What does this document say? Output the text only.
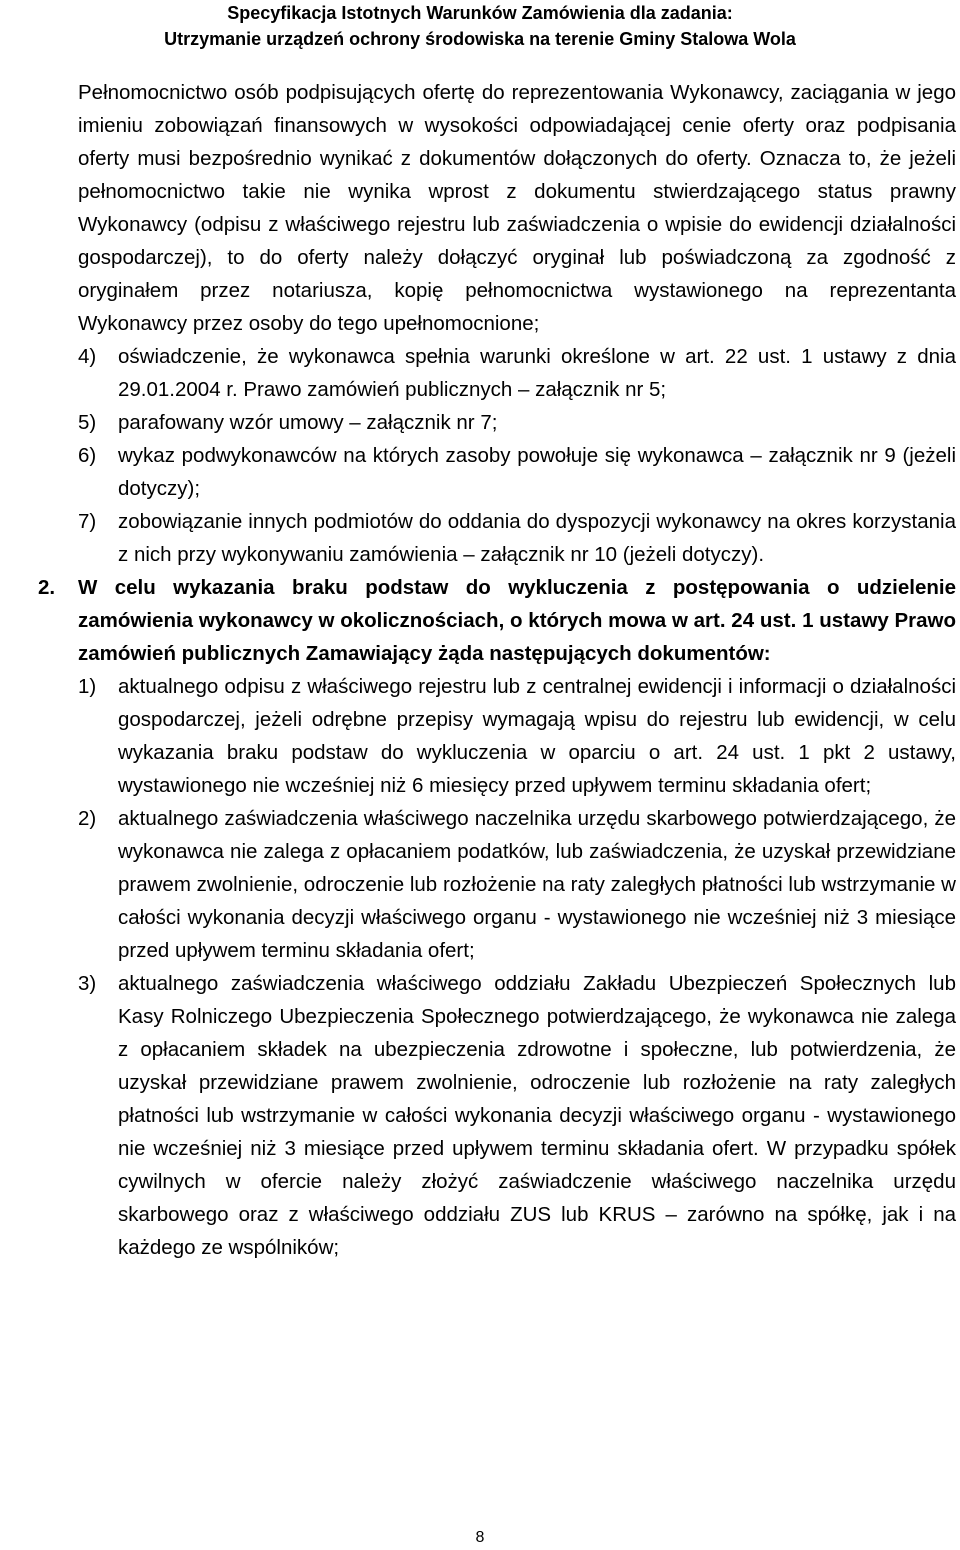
Specyfikacja Istotnych Warunków Zamówienia dla zadania:
Utrzymanie urządzeń ochrony środowiska na terenie Gminy Stalowa Wola

Pełnomocnictwo osób podpisujących ofertę do reprezentowania Wykonawcy, zaciągania w jego imieniu zobowiązań finansowych w wysokości odpowiadającej cenie oferty oraz podpisania oferty musi bezpośrednio wynikać z dokumentów dołączonych do oferty. Oznacza to, że jeżeli pełnomocnictwo takie nie wynika wprost z dokumentu stwierdzającego status prawny Wykonawcy (odpisu z właściwego rejestru lub zaświadczenia o wpisie do ewidencji działalności gospodarczej), to do oferty należy dołączyć oryginał lub poświadczoną za zgodność z oryginałem przez notariusza, kopię pełnomocnictwa wystawionego na reprezentanta Wykonawcy przez osoby do tego upełnomocnione;

4)	oświadczenie, że wykonawca spełnia warunki określone w art. 22 ust. 1 ustawy z dnia 29.01.2004 r. Prawo zamówień publicznych – załącznik nr 5;
5)	parafowany wzór umowy – załącznik nr 7;
6)	wykaz podwykonawców na których zasoby powołuje się wykonawca – załącznik nr 9 (jeżeli dotyczy);
7)	zobowiązanie innych podmiotów do oddania do dyspozycji wykonawcy na okres korzystania z nich przy wykonywaniu zamówienia – załącznik nr 10 (jeżeli dotyczy).
2.	W celu wykazania braku podstaw do wykluczenia z postępowania o udzielenie zamówienia wykonawcy w okolicznościach, o których mowa w art. 24 ust. 1 ustawy Prawo zamówień publicznych Zamawiający żąda następujących dokumentów:
1)	aktualnego odpisu z właściwego rejestru lub z centralnej ewidencji i informacji o działalności gospodarczej, jeżeli odrębne przepisy wymagają wpisu do rejestru lub ewidencji, w celu wykazania braku podstaw do wykluczenia w oparciu o art. 24 ust. 1 pkt 2 ustawy, wystawionego nie wcześniej niż 6 miesięcy przed upływem terminu składania ofert;
2)	aktualnego zaświadczenia właściwego naczelnika urzędu skarbowego potwierdzającego, że wykonawca nie zalega z opłacaniem podatków, lub zaświadczenia, że uzyskał przewidziane prawem zwolnienie, odroczenie lub rozłożenie na raty zaległych płatności lub wstrzymanie w całości wykonania decyzji właściwego organu - wystawionego nie wcześniej niż 3 miesiące przed upływem terminu składania ofert;
3)	aktualnego zaświadczenia właściwego oddziału Zakładu Ubezpieczeń Społecznych lub Kasy Rolniczego Ubezpieczenia Społecznego potwierdzającego, że wykonawca nie zalega z opłacaniem składek na ubezpieczenia zdrowotne i społeczne, lub potwierdzenia, że uzyskał przewidziane prawem zwolnienie, odroczenie lub rozłożenie na raty zaległych płatności lub wstrzymanie w całości wykonania decyzji właściwego organu - wystawionego nie wcześniej niż 3 miesiące przed upływem terminu składania ofert. W przypadku spółek cywilnych w ofercie należy złożyć zaświadczenie właściwego naczelnika urzędu skarbowego oraz z właściwego oddziału ZUS lub KRUS – zarówno na spółkę, jak i na każdego ze wspólników;
8
